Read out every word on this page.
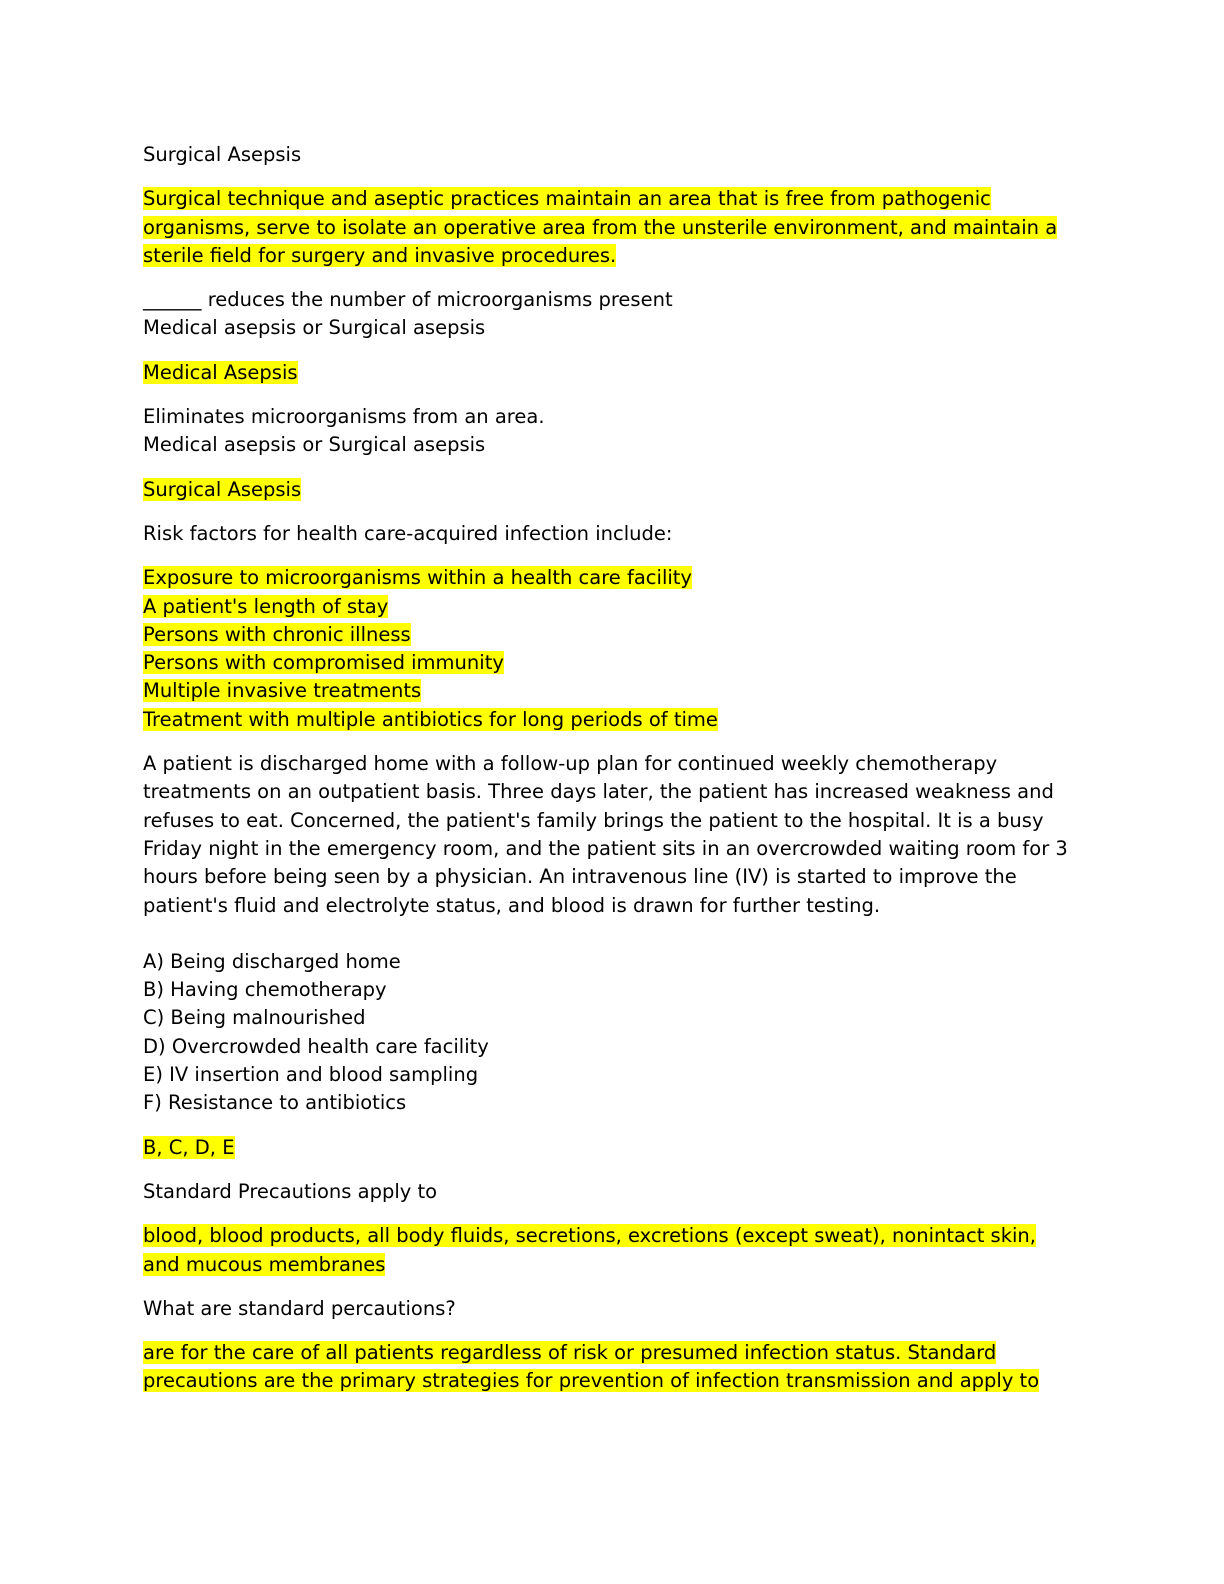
Surgical Asepsis

Surgical technique and aseptic practices maintain an area that is free from pathogenic
organisms, serve to isolate an operative area from the unsterile environment, and maintain a
sterile field for surgery and invasive procedures.

______ reduces the number of microorganisms present
Medical asepsis or Surgical asepsis

Medical Asepsis

Eliminates microorganisms from an area.
Medical asepsis or Surgical asepsis

Surgical Asepsis

Risk factors for health care-acquired infection include:

Exposure to microorganisms within a health care facility
A patient's length of stay
Persons with chronic illness
Persons with compromised immunity
Multiple invasive treatments
Treatment with multiple antibiotics for long periods of time

A patient is discharged home with a follow-up plan for continued weekly chemotherapy
treatments on an outpatient basis. Three days later, the patient has increased weakness and
refuses to eat. Concerned, the patient's family brings the patient to the hospital. It is a busy
Friday night in the emergency room, and the patient sits in an overcrowded waiting room for 3
hours before being seen by a physician. An intravenous line (IV) is started to improve the
patient's fluid and electrolyte status, and blood is drawn for further testing.

A) Being discharged home
B) Having chemotherapy
C) Being malnourished
D) Overcrowded health care facility
E) IV insertion and blood sampling
F) Resistance to antibiotics

B, C, D, E

Standard Precautions apply to

blood, blood products, all body fluids, secretions, excretions (except sweat), nonintact skin,
and mucous membranes

What are standard percautions?

are for the care of all patients regardless of risk or presumed infection status. Standard
precautions are the primary strategies for prevention of infection transmission and apply to
